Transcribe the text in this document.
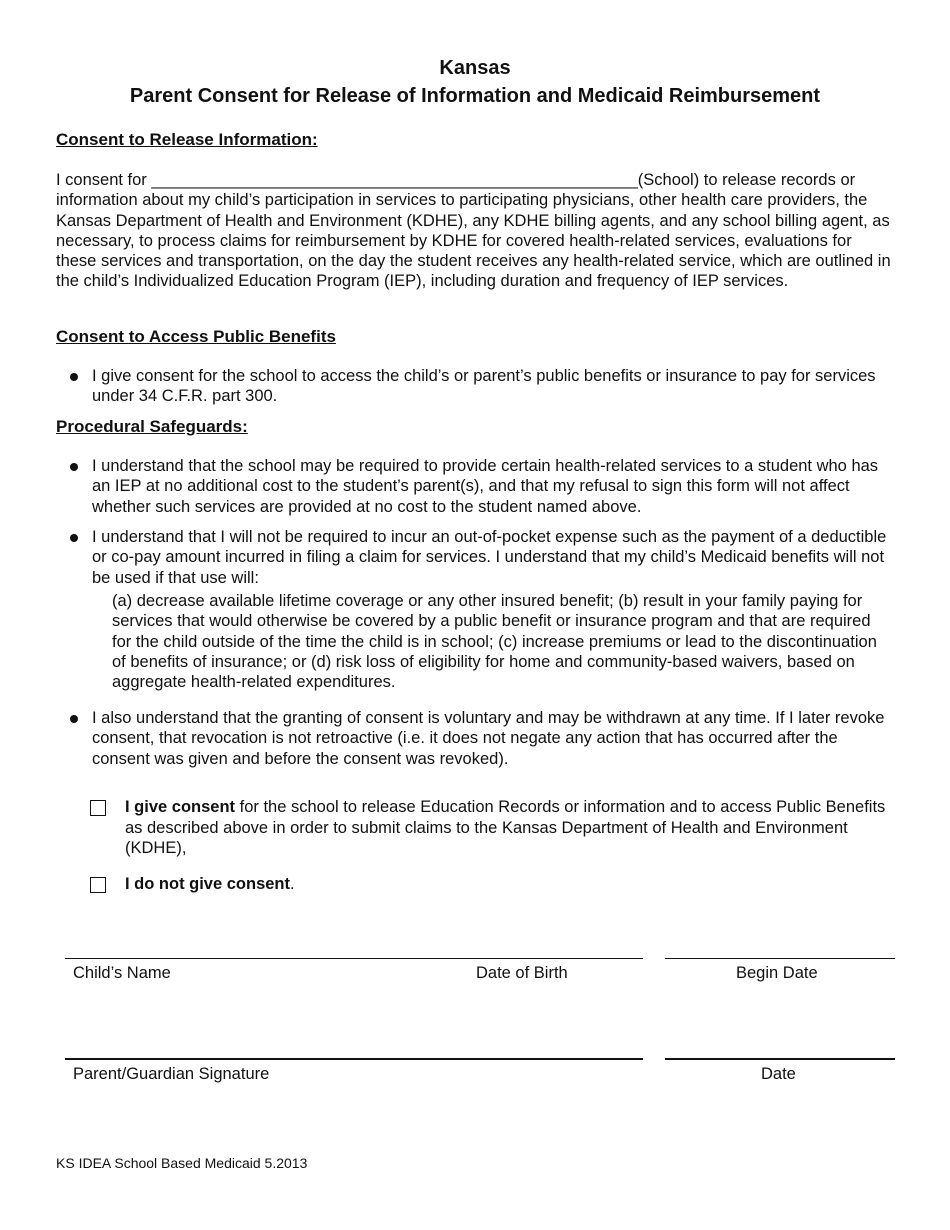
Kansas
Parent Consent for Release of Information and Medicaid Reimbursement
Consent to Release Information:
I consent for _____________________________________________________(School) to release records or information about my child’s participation in services to participating physicians, other health care providers, the Kansas Department of Health and Environment (KDHE), any KDHE billing agents, and any school billing agent, as necessary, to process claims for reimbursement by KDHE for covered health-related services, evaluations for these services and transportation, on the day the student receives any health-related service, which are outlined in the child’s Individualized Education Program (IEP), including duration and frequency of IEP services.
Consent to Access Public Benefits
I give consent for the school to access the child’s or parent’s public benefits or insurance to pay for services under 34 C.F.R. part 300.
Procedural Safeguards:
I understand that the school may be required to provide certain health-related services to a student who has an IEP at no additional cost to the student’s parent(s), and that my refusal to sign this form will not affect whether such services are provided at no cost to the student named above.
I understand that I will not be required to incur an out-of-pocket expense such as the payment of a deductible or co-pay amount incurred in filing a claim for services. I understand that my child’s Medicaid benefits will not be used if that use will:
(a) decrease available lifetime coverage or any other insured benefit; (b) result in your family paying for services that would otherwise be covered by a public benefit or insurance program and that are required for the child outside of the time the child is in school; (c) increase premiums or lead to the discontinuation of benefits of insurance; or (d) risk loss of eligibility for home and community-based waivers, based on aggregate health-related expenditures.
I also understand that the granting of consent is voluntary and may be withdrawn at any time. If I later revoke consent, that revocation is not retroactive (i.e. it does not negate any action that has occurred after the consent was given and before the consent was revoked).
I give consent for the school to release Education Records or information and to access Public Benefits as described above in order to submit claims to the Kansas Department of Health and Environment (KDHE),
I do not give consent.
Child’s Name	Date of Birth	Begin Date
Parent/Guardian Signature	Date
KS IDEA School Based Medicaid 5.2013
